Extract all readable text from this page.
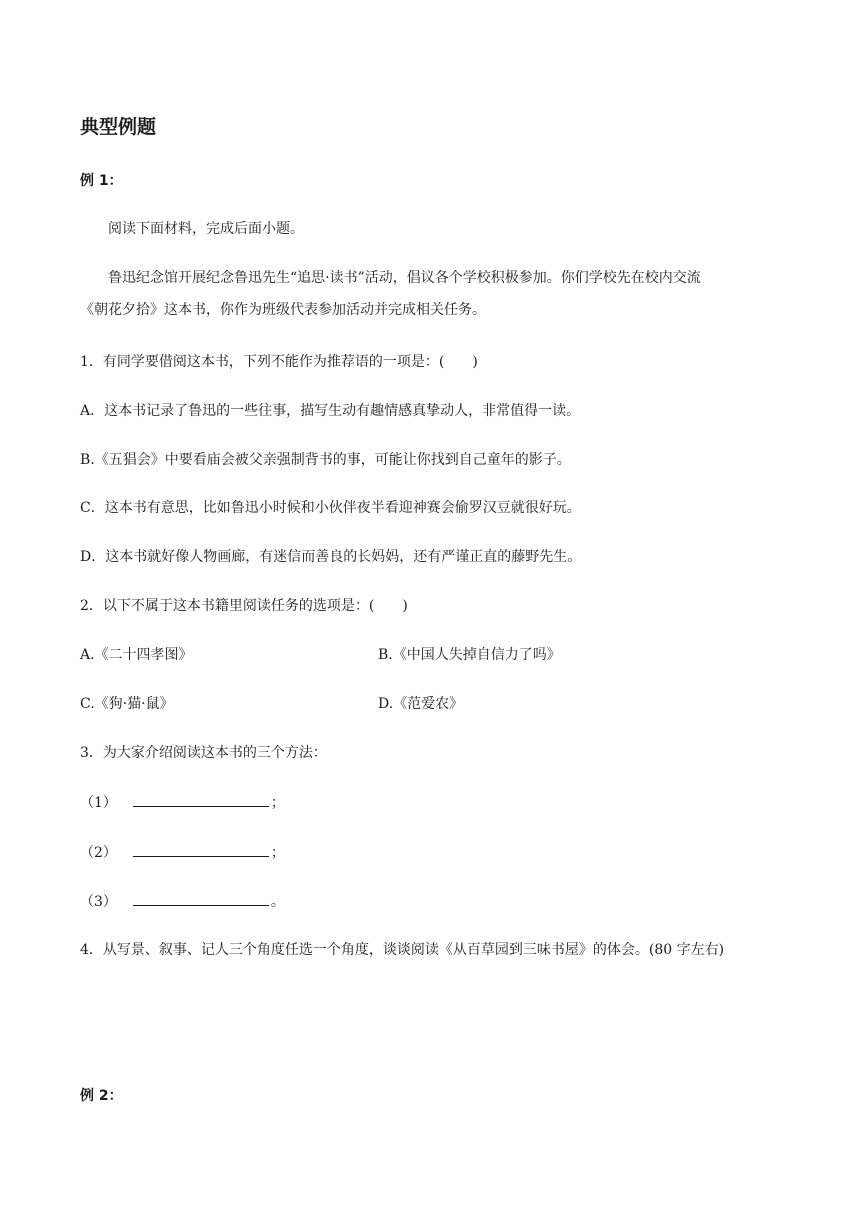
典型例题
例 1：
阅读下面材料，完成后面小题。
鲁迅纪念馆开展纪念鲁迅先生“追思·读书”活动，倡议各个学校积极参加。你们学校先在校内交流
《朝花夕拾》这本书，你作为班级代表参加活动并完成相关任务。
1．有同学要借阅这本书，下列不能作为推荐语的一项是：(　　)
A．这本书记录了鲁迅的一些往事，描写生动有趣情感真挚动人，非常值得一读。
B.《五猖会》中要看庙会被父亲强制背书的事，可能让你找到自己童年的影子。
C．这本书有意思，比如鲁迅小时候和小伙伴夜半看迎神赛会偷罗汉豆就很好玩。
D．这本书就好像人物画廊，有迷信而善良的长妈妈，还有严谨正直的藤野先生。
2．以下不属于这本书籍里阅读任务的选项是：(　　)
A.《二十四孝图》	B.《中国人失掉自信力了吗》
C.《狗·猫·鼠》	D.《范爱农》
3．为大家介绍阅读这本书的三个方法：
（1）	；
（2）	；
（3）	。
4．从写景、叙事、记人三个角度任选一个角度，谈谈阅读《从百草园到三味书屋》的体会。(80 字左右)
例 2：
